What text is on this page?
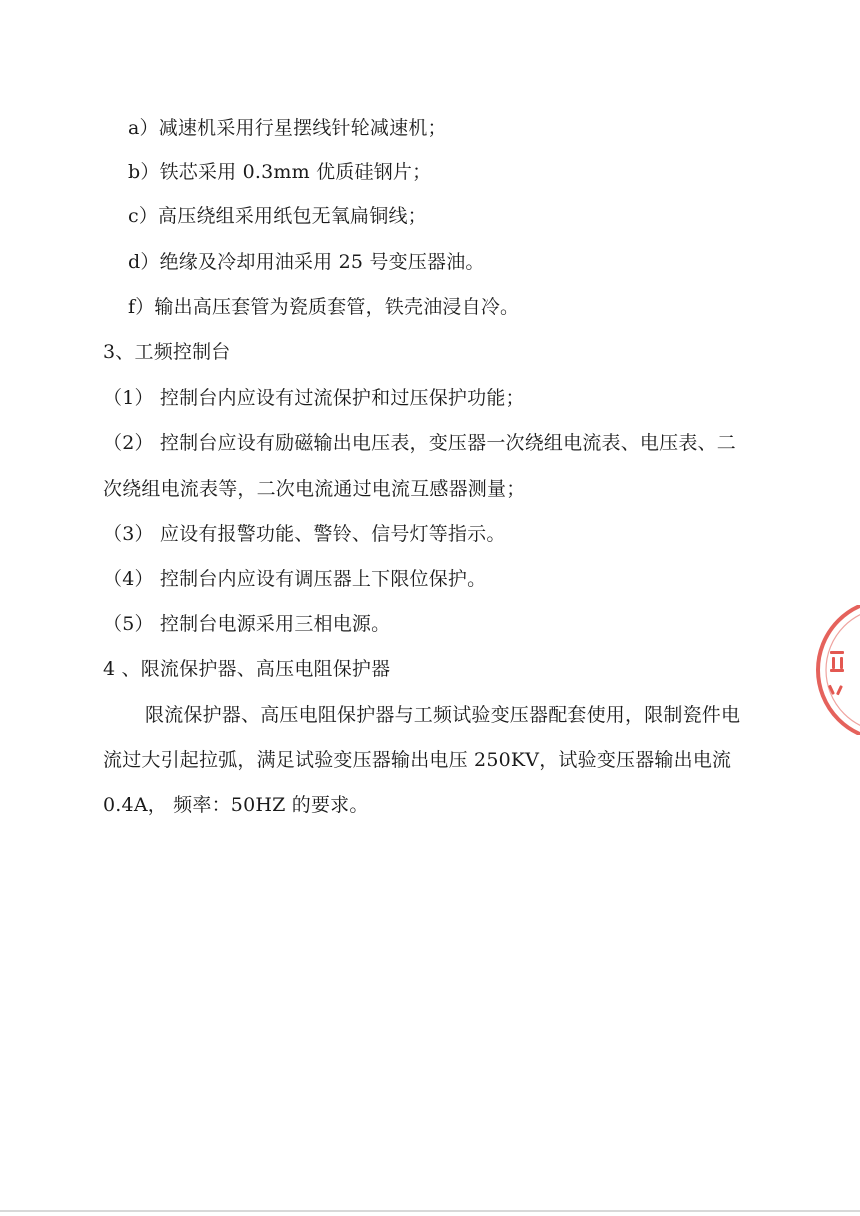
a）减速机采用行星摆线针轮减速机；
b）铁芯采用 0.3mm 优质硅钢片；
c）高压绕组采用纸包无氧扁铜线；
d）绝缘及冷却用油采用 25 号变压器油。
f）输出高压套管为瓷质套管，铁壳油浸自冷。
3、工频控制台
（1） 控制台内应设有过流保护和过压保护功能；
（2） 控制台应设有励磁输出电压表，变压器一次绕组电流表、电压表、二
次绕组电流表等，二次电流通过电流互感器测量；
（3） 应设有报警功能、警铃、信号灯等指示。
（4） 控制台内应设有调压器上下限位保护。
（5） 控制台电源采用三相电源。
4 、限流保护器、高压电阻保护器
限流保护器、高压电阻保护器与工频试验变压器配套使用，限制瓷件电
流过大引起拉弧，满足试验变压器输出电压 250KV，试验变压器输出电流
0.4A， 频率：50HZ 的要求。
